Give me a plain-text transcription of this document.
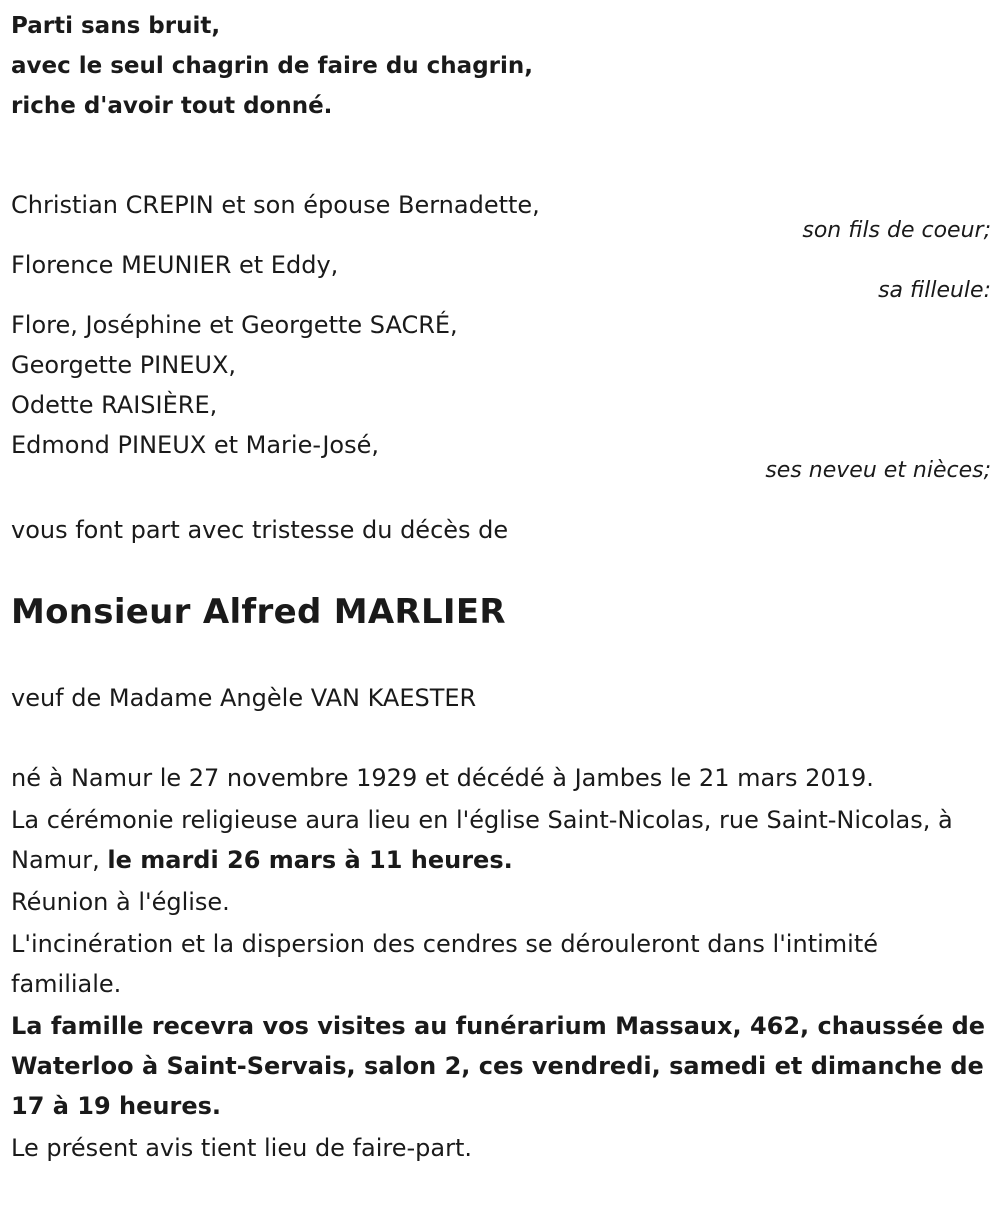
Parti sans bruit,
avec le seul chagrin de faire du chagrin,
riche d'avoir tout donné.
Christian CREPIN et son épouse Bernadette,
son fils de coeur;
Florence MEUNIER et Eddy,
sa filleule:
Flore, Joséphine et Georgette SACRÉ,
Georgette PINEUX,
Odette RAISIÈRE,
Edmond PINEUX et Marie-José,
ses neveu et nièces;
vous font part avec tristesse du décès de
Monsieur Alfred MARLIER
veuf de Madame Angèle VAN KAESTER
né à Namur le 27 novembre 1929 et décédé à Jambes le 21 mars 2019.
La cérémonie religieuse aura lieu en l'église Saint-Nicolas, rue Saint-Nicolas, à Namur, le mardi 26 mars à 11 heures.
Réunion à l'église.
L'incinération et la dispersion des cendres se dérouleront dans l'intimité familiale.
La famille recevra vos visites au funérarium Massaux, 462, chaussée de Waterloo à Saint-Servais, salon 2, ces vendredi, samedi et dimanche de 17 à 19 heures.
Le présent avis tient lieu de faire-part.
